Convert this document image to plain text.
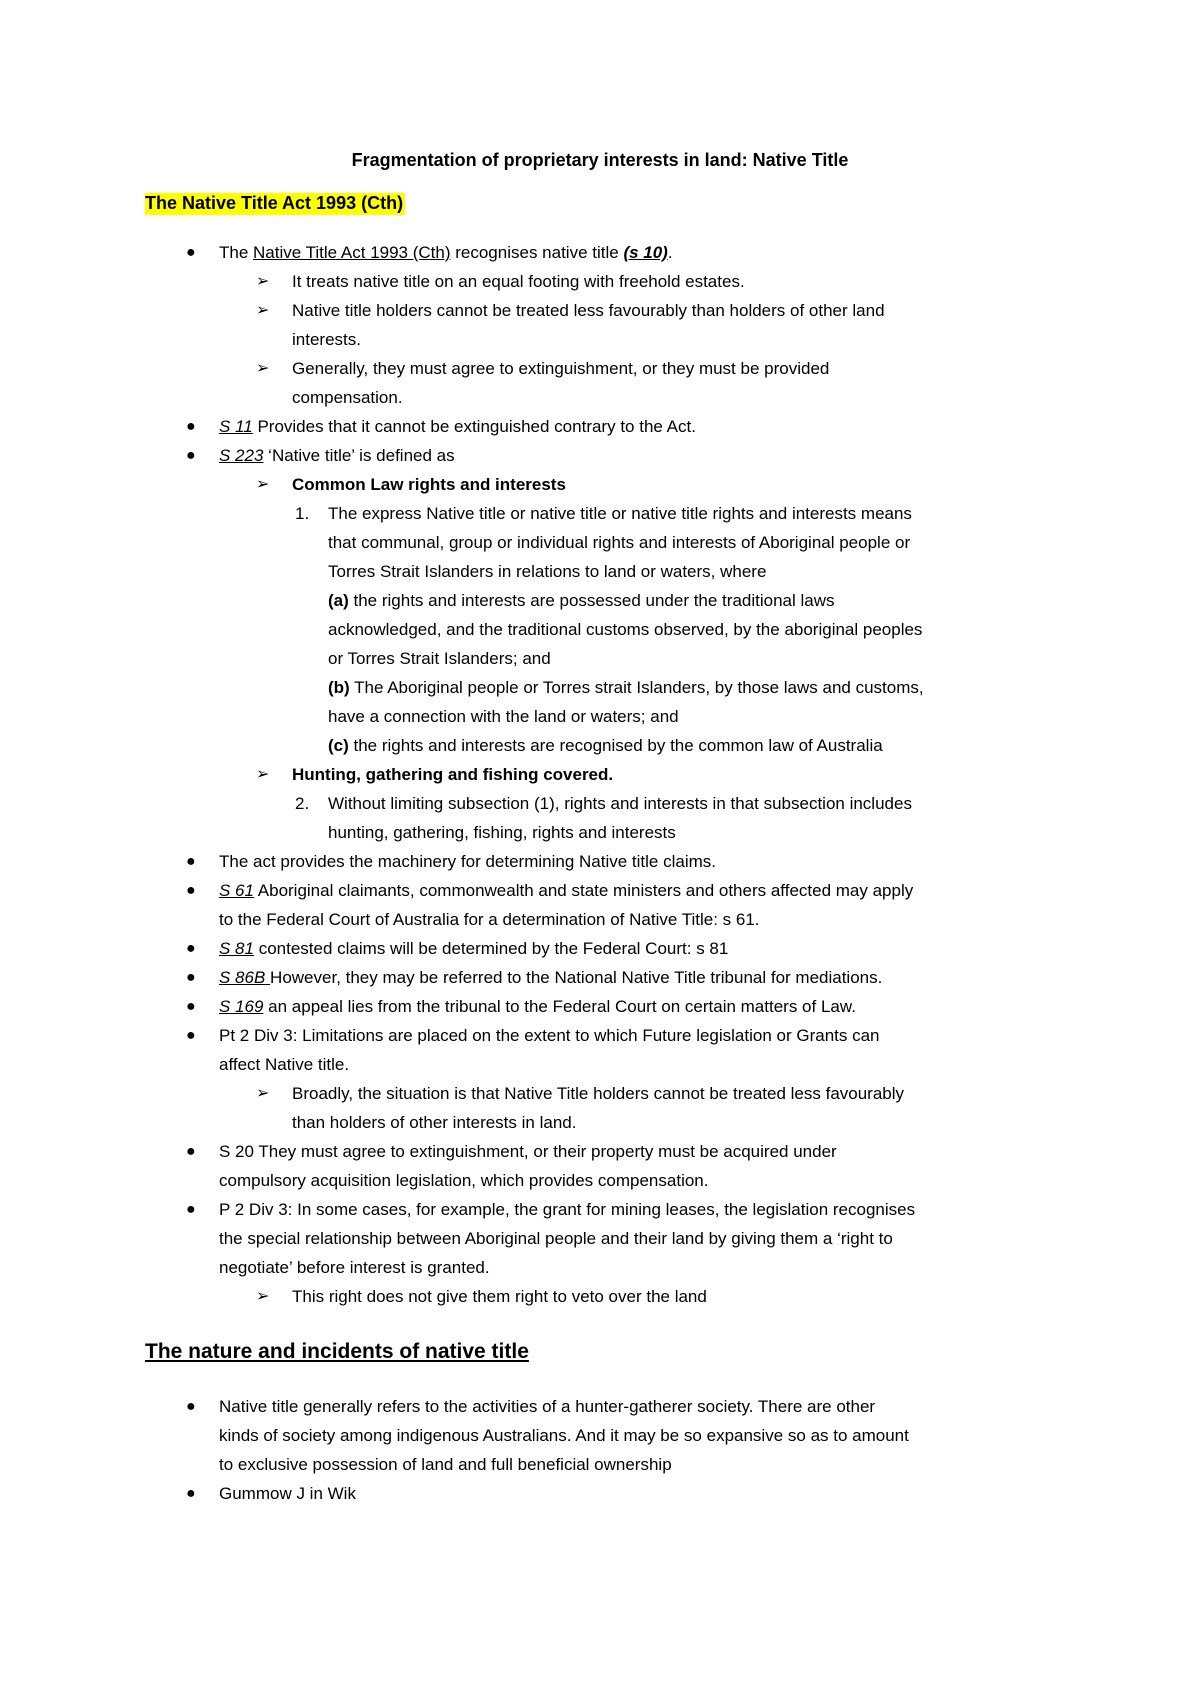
Fragmentation of proprietary interests in land: Native Title
The Native Title Act 1993 (Cth)
● The Native Title Act 1993 (Cth) recognises native title (s 10).
➢ It treats native title on an equal footing with freehold estates.
➢ Native title holders cannot be treated less favourably than holders of other land
interests.
➢ Generally, they must agree to extinguishment, or they must be provided
compensation.
● S 11 Provides that it cannot be extinguished contrary to the Act.
● S 223 ‘Native title’ is defined as
➢ Common Law rights and interests
1. The express Native title or native title or native title rights and interests means
that communal, group or individual rights and interests of Aboriginal people or
Torres Strait Islanders in relations to land or waters, where
(a) the rights and interests are possessed under the traditional laws
acknowledged, and the traditional customs observed, by the aboriginal peoples
or Torres Strait Islanders; and
(b) The Aboriginal people or Torres strait Islanders, by those laws and customs,
have a connection with the land or waters; and
(c) the rights and interests are recognised by the common law of Australia
➢ Hunting, gathering and fishing covered.
2. Without limiting subsection (1), rights and interests in that subsection includes
hunting, gathering, fishing, rights and interests
● The act provides the machinery for determining Native title claims.
● S 61 Aboriginal claimants, commonwealth and state ministers and others affected may apply
to the Federal Court of Australia for a determination of Native Title: s 61.
● S 81 contested claims will be determined by the Federal Court: s 81
● S 86B However, they may be referred to the National Native Title tribunal for mediations.
● S 169 an appeal lies from the tribunal to the Federal Court on certain matters of Law.
● Pt 2 Div 3: Limitations are placed on the extent to which Future legislation or Grants can
affect Native title.
➢ Broadly, the situation is that Native Title holders cannot be treated less favourably
than holders of other interests in land.
● S 20 They must agree to extinguishment, or their property must be acquired under
compulsory acquisition legislation, which provides compensation.
● P 2 Div 3: In some cases, for example, the grant for mining leases, the legislation recognises
the special relationship between Aboriginal people and their land by giving them a ‘right to
negotiate’ before interest is granted.
➢ This right does not give them right to veto over the land
The nature and incidents of native title
● Native title generally refers to the activities of a hunter-gatherer society. There are other
kinds of society among indigenous Australians. And it may be so expansive so as to amount
to exclusive possession of land and full beneficial ownership
● Gummow J in Wik
